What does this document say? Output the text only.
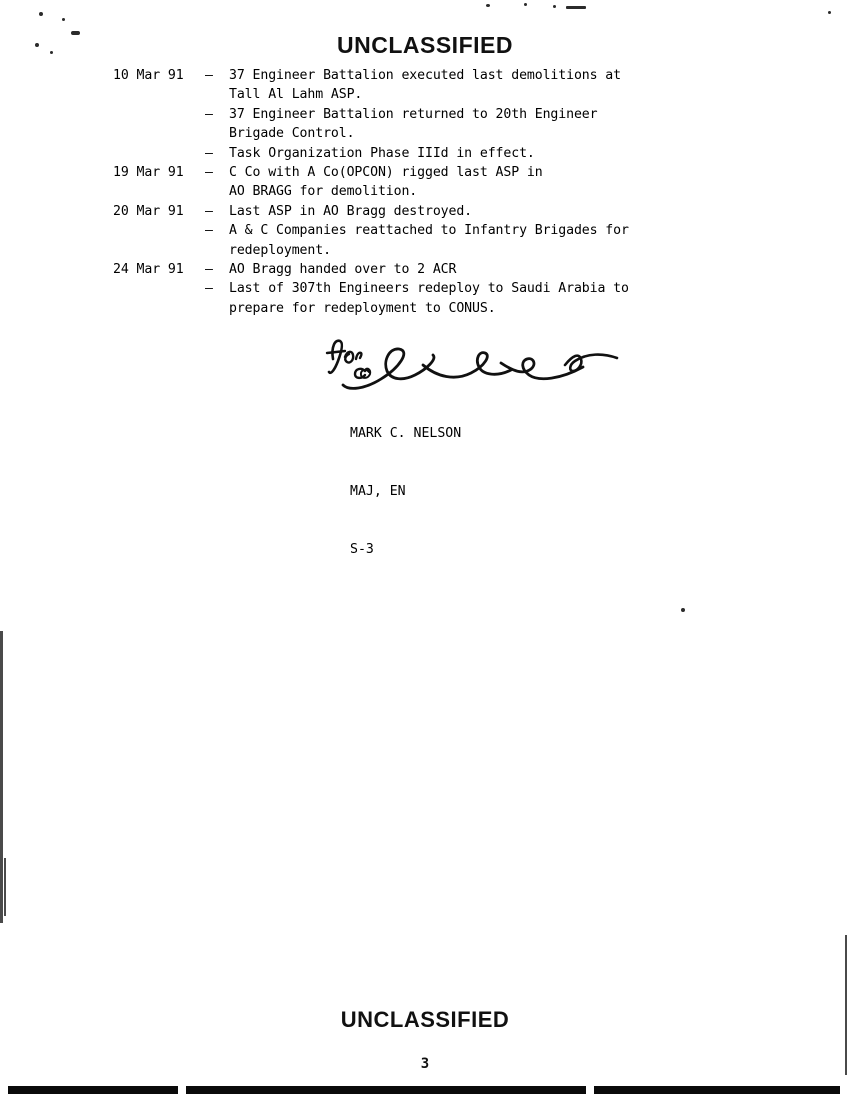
UNCLASSIFIED
10 Mar 91	—	37 Engineer Battalion executed last demolitions at
Tall Al Lahm ASP.
—	37 Engineer Battalion returned to 20th Engineer
Brigade Control.
—	Task Organization Phase IIId in effect.
19 Mar 91	—	C Co with A Co(OPCON) rigged last ASP in
AO BRAGG for demolition.
20 Mar 91	—	Last ASP in AO Bragg destroyed.
—	A & C Companies reattached to Infantry Brigades for
redeployment.
24 Mar 91	—	AO Bragg handed over to 2 ACR
—	Last of 307th Engineers redeploy to Saudi Arabia to
prepare for redeployment to CONUS.

MARK C. NELSON

MAJ, EN

S-3

UNCLASSIFIED
3
